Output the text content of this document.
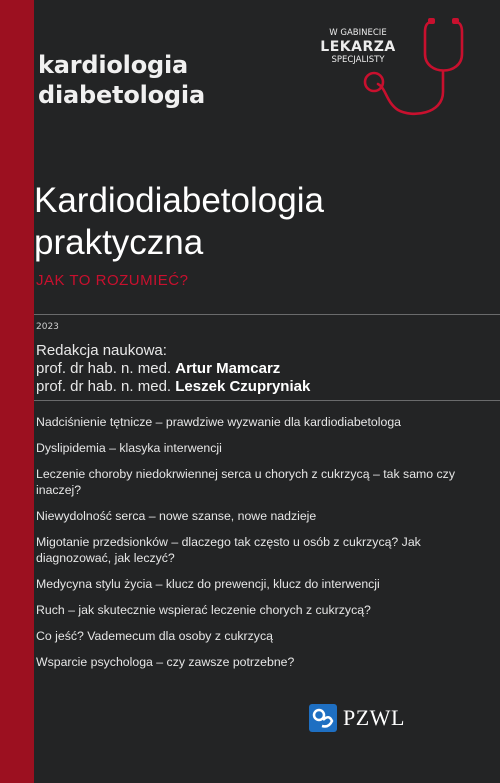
kardiologia
diabetologia
W GABINECIE
LEKARZA
SPECJALISTY
Kardiodiabetologia
praktyczna
JAK TO ROZUMIEĆ?
2023
Redakcja naukowa:
prof. dr hab. n. med. Artur Mamcarz
prof. dr hab. n. med. Leszek Czupryniak
Nadciśnienie tętnicze – prawdziwe wyzwanie dla kardiodiabetologa
Dyslipidemia – klasyka interwencji
Leczenie choroby niedokrwiennej serca u chorych z cukrzycą – tak samo czy inaczej?
Niewydolność serca – nowe szanse, nowe nadzieje
Migotanie przedsionków – dlaczego tak często u osób z cukrzycą? Jak diagnozować, jak leczyć?
Medycyna stylu życia – klucz do prewencji, klucz do interwencji
Ruch – jak skutecznie wspierać leczenie chorych z cukrzycą?
Co jeść? Vademecum dla osoby z cukrzycą
Wsparcie psychologa – czy zawsze potrzebne?
PZWL
